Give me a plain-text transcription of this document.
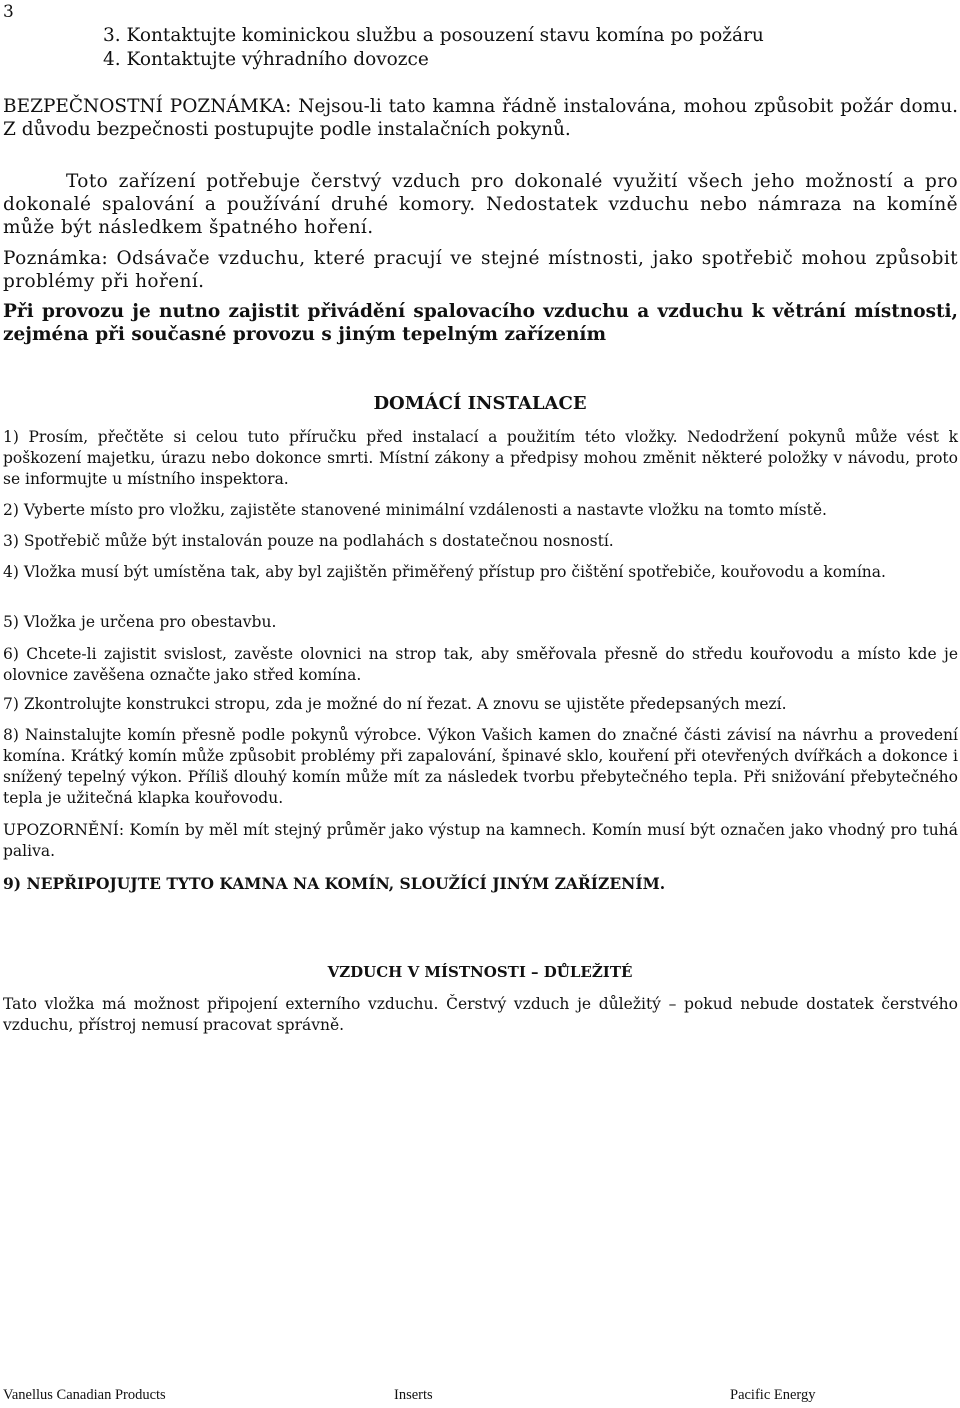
3
3. Kontaktujte kominickou službu a posouzení stavu komína po požáru
4. Kontaktujte výhradního dovozce

BEZPEČNOSTNÍ POZNÁMKA: Nejsou-li tato kamna řádně instalována, mohou způsobit požár domu. Z důvodu bezpečnosti postupujte podle instalačních pokynů.

Toto zařízení potřebuje čerstvý vzduch pro dokonalé využití všech jeho možností a pro dokonalé spalování a používání druhé komory. Nedostatek vzduchu nebo námraza na komíně může být následkem špatného hoření.

Poznámka: Odsávače vzduchu, které pracují ve stejné místnosti, jako spotřebič mohou způsobit problémy při hoření.

Při provozu je nutno zajistit přivádění spalovacího vzduchu a vzduchu k větrání místnosti, zejména při současné provozu s jiným tepelným zařízením

DOMÁCÍ INSTALACE

1) Prosím, přečtěte si celou tuto příručku před instalací a použitím této vložky. Nedodržení pokynů může vést k poškození majetku, úrazu nebo dokonce smrti. Místní zákony a předpisy mohou změnit některé položky v návodu, proto se informujte u místního inspektora.

2) Vyberte místo pro vložku, zajistěte stanovené minimální vzdálenosti a nastavte vložku na tomto místě.

3) Spotřebič může být instalován pouze na podlahách s dostatečnou nosností.

4) Vložka musí být umístěna tak, aby byl zajištěn přiměřený přístup pro čištění spotřebiče, kouřovodu a komína.

5) Vložka je určena pro obestavbu.

6) Chcete-li zajistit svislost, zavěste olovnici na strop tak, aby směřovala přesně do středu kouřovodu a místo kde je olovnice zavěšena označte jako střed komína.

7) Zkontrolujte konstrukci stropu, zda je možné do ní řezat. A znovu se ujistěte předepsaných mezí.

8) Nainstalujte komín přesně podle pokynů výrobce. Výkon Vašich kamen do značné části závisí na návrhu a provedení komína. Krátký komín může způsobit problémy při zapalování, špinavé sklo, kouření při otevřených dvířkách a dokonce i snížený tepelný výkon. Příliš dlouhý komín může mít za následek tvorbu přebytečného tepla. Při snižování přebytečného tepla je užitečná klapka kouřovodu.

UPOZORNĚNÍ: Komín by měl mít stejný průměr jako výstup na kamnech. Komín musí být označen jako vhodný pro tuhá paliva.

9) NEPŘIPOJUJTE TYTO KAMNA NA KOMÍN, SLOUŽÍCÍ JINÝM ZAŘÍZENÍM.

VZDUCH V MÍSTNOSTI – DŮLEŽITÉ

Tato vložka má možnost připojení externího vzduchu. Čerstvý vzduch je důležitý – pokud nebude dostatek čerstvého vzduchu, přístroj nemusí pracovat správně.

Vanellus Canadian Products	Inserts	Pacific Energy
